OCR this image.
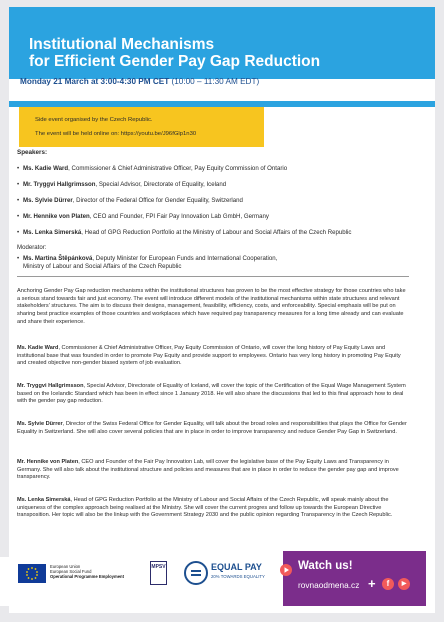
Institutional Mechanisms
for Efficient Gender Pay Gap Reduction
Monday 21 March at 3:00-4:30 PM CET (10:00 – 11:30 AM EDT)
Side event organised by the Czech Republic.
The event will be held online on: https://youtu.be/J96fGlp1n30
Speakers:
• Ms. Kadie Ward, Commissioner & Chief Administrative Officer, Pay Equity Commission of Ontario
• Mr. Tryggvi Hallgrimsson, Special Advisor, Directorate of Equality, Iceland
• Ms. Sylvie Dürrer, Director of the Federal Office for Gender Equality, Switzerland
• Mr. Hennike von Platen, CEO and Founder, FPI Fair Pay Innovation Lab GmbH, Germany
• Ms. Lenka Simerská, Head of GPG Reduction Portfolio at the Ministry of Labour and Social Affairs of the Czech Republic
Moderator:
• Ms. Martina Štěpánková, Deputy Minister for European Funds and International Cooperation,
Ministry of Labour and Social Affairs of the Czech Republic
Anchoring Gender Pay Gap reduction mechanisms within the institutional structures has proven to be the most effective strategy for those countries who take a serious stand towards fair and just economy. The event will introduce different models of the institutional mechanisms within state structures and relevant stakeholders' structures. The aim is to discuss their designs, management, feasibility, efficiency, costs, and enforceability. Special emphasis will be put on sharing best practice examples of those countries and workplaces which have required pay transparency measures for a long time already and can evaluate and share their experience.
Ms. Kadie Ward, Commissioner & Chief Administrative Officer, Pay Equity Commission of Ontario, will cover the long history of Pay Equity Laws and institutional base that was founded in order to promote Pay Equity and provide support to employees. Ontario has very long history in promoting Pay Equity and created objective non-gender biased system of job evaluation.
Mr. Tryggvi Hallgrimsson, Special Advisor, Directorate of Equality of Iceland, will cover the topic of the Certification of the Equal Wage Management System based on the Icelandic Standard which has been in effect since 1 January 2018. He will also share the discussions that led to this final approach how to deal with the gender pay gap reduction.
Ms. Sylvie Dürrer, Director of the Swiss Federal Office for Gender Equality, will talk about the broad roles and responsibilities that plays the Office for Gender Equality in Switzerland. She will also cover several policies that are in place in order to improve transparency and reduce Gender Pay Gap in Switzerland.
Mr. Hennike von Platen, CEO and Founder of the Fair Pay Innovation Lab, will cover the legislative base of the Pay Equity Laws and Transparency in Germany. She will also talk about the institutional structure and policies and measures that are in place in order to reduce the gender pay gap and improve transparency.
Ms. Lenka Simerská, Head of GPG Reduction Portfolio at the Ministry of Labour and Social Affairs of the Czech Republic, will speak mainly about the uniqueness of the complex approach being realised at the Ministry. She will cover the current progres and follow up towards the European Directive transposition. Her topic will also be the linkup with the Government Strategy 2030 and the public opinion regarding Transparency in the Czech Republic.
European Union
European Social Fund
Operational Programme Employment
MPSV	EQUAL PAY
20% TOWARDS EQUALITY
Watch us!
rovnaodmena.cz +	f	▶
